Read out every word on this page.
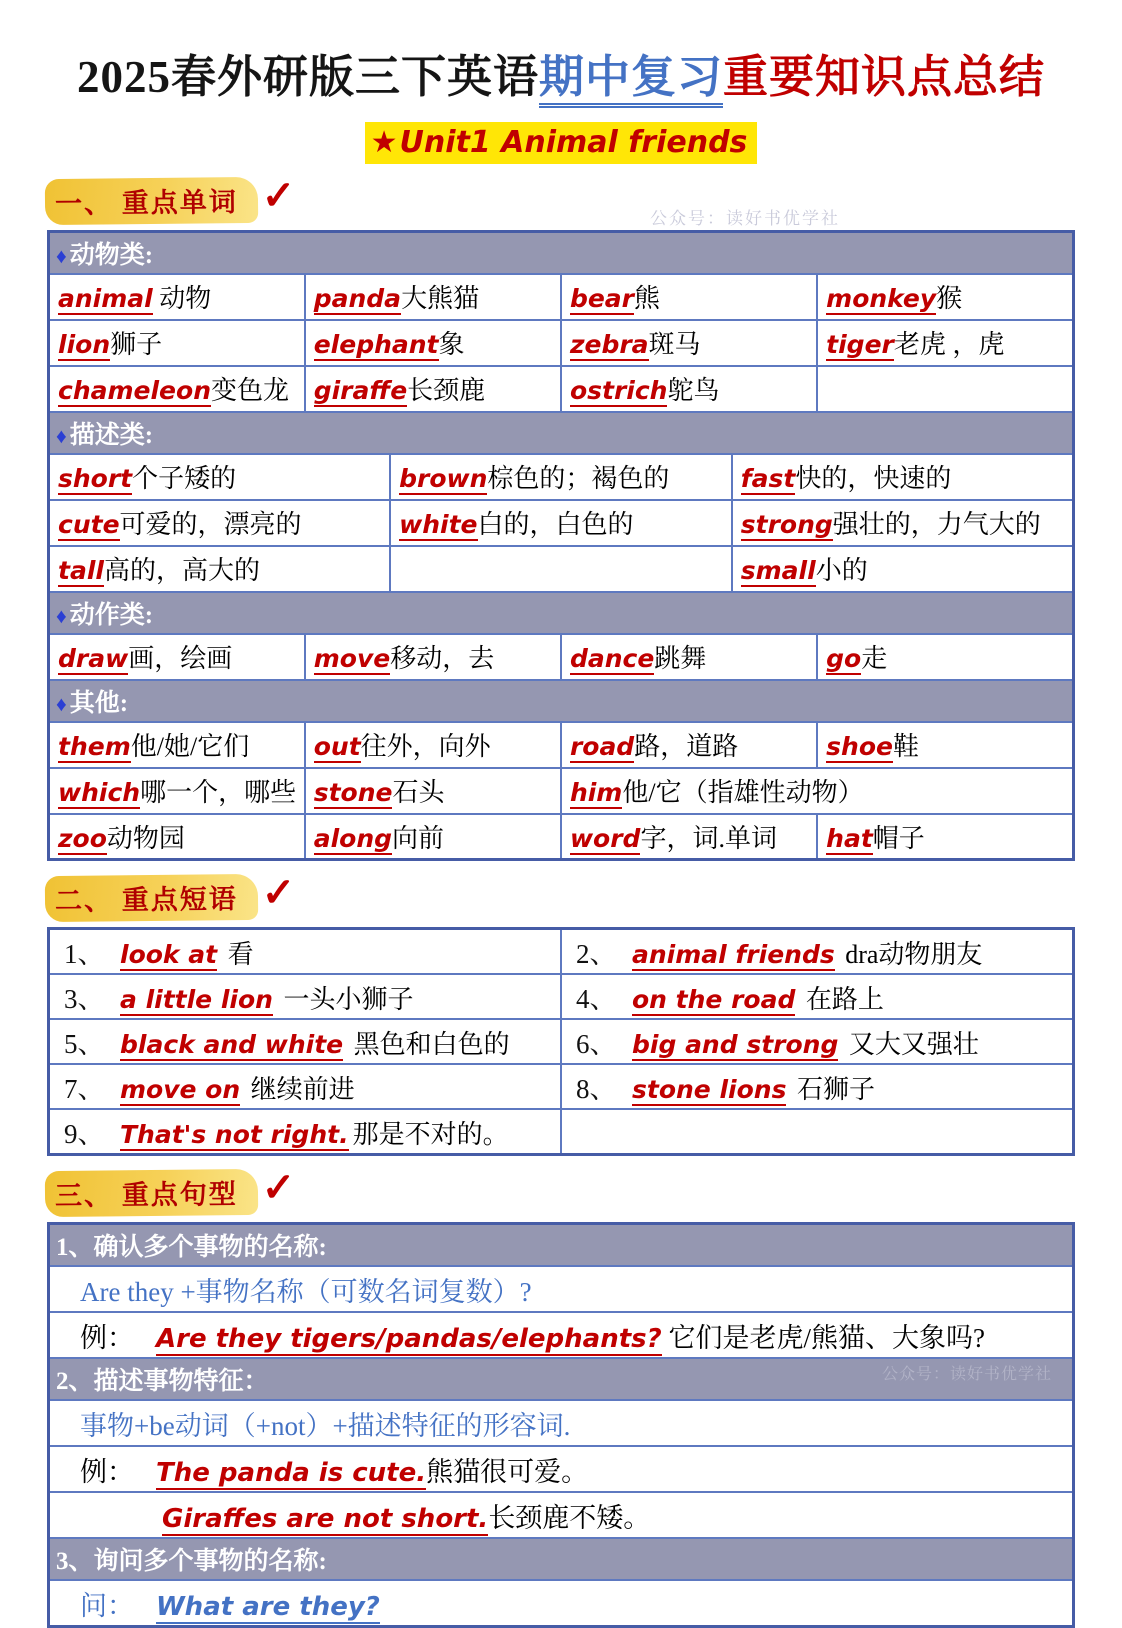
2025春外研版三下英语期中复习重要知识点总结
★Unit1 Animal friends
公众号：读好书优学社
一、 重点单词 ✓
♦ 动物类:					
animal 动物	panda大熊猫		bear熊		monkey猴
lion狮子	elephant象		zebra斑马		tiger老虎 ，虎
chameleon变色龙	giraffe长颈鹿		ostrich鸵鸟		
♦ 描述类:					
short个子矮的		brown棕色的；褐色的		fast快的，快速的	
cute可爱的，漂亮的		white白的，白色的		strong强壮的，力气大的	
tall高的，高大的				small小的	
♦ 动作类:					
draw画，绘画	move移动，去		dance跳舞		go走
♦ 其他:					
them他/她/它们	out往外，向外		road路，道路		shoe鞋
which哪一个，哪些	stone石头		him他/它（指雄性动物）		
zoo动物园	along向前		word字，词.单词		hat帽子
二、 重点短语 ✓
1、 look at 看	2、 animal friends dra动物朋友
3、 a little lion 一头小狮子	4、 on the road 在路上
5、 black and white 黑色和白色的	6、 big and strong 又大又强壮
7、 move on 继续前进	8、 stone lions 石狮子
9、 That's not right. 那是不对的。	
三、 重点句型 ✓
1、确认多个事物的名称:
Are they +事物名称（可数名词复数）?
例： Are they tigers/pandas/elephants? 它们是老虎/熊猫、大象吗?
2、描述事物特征：	公众号：读好书优学社

事物+be动词（+not）+描述特征的形容词.
例： The panda is cute.熊猫很可爱。
Giraffes are not short.长颈鹿不矮。
3、询问多个事物的名称:
问： What are they?
